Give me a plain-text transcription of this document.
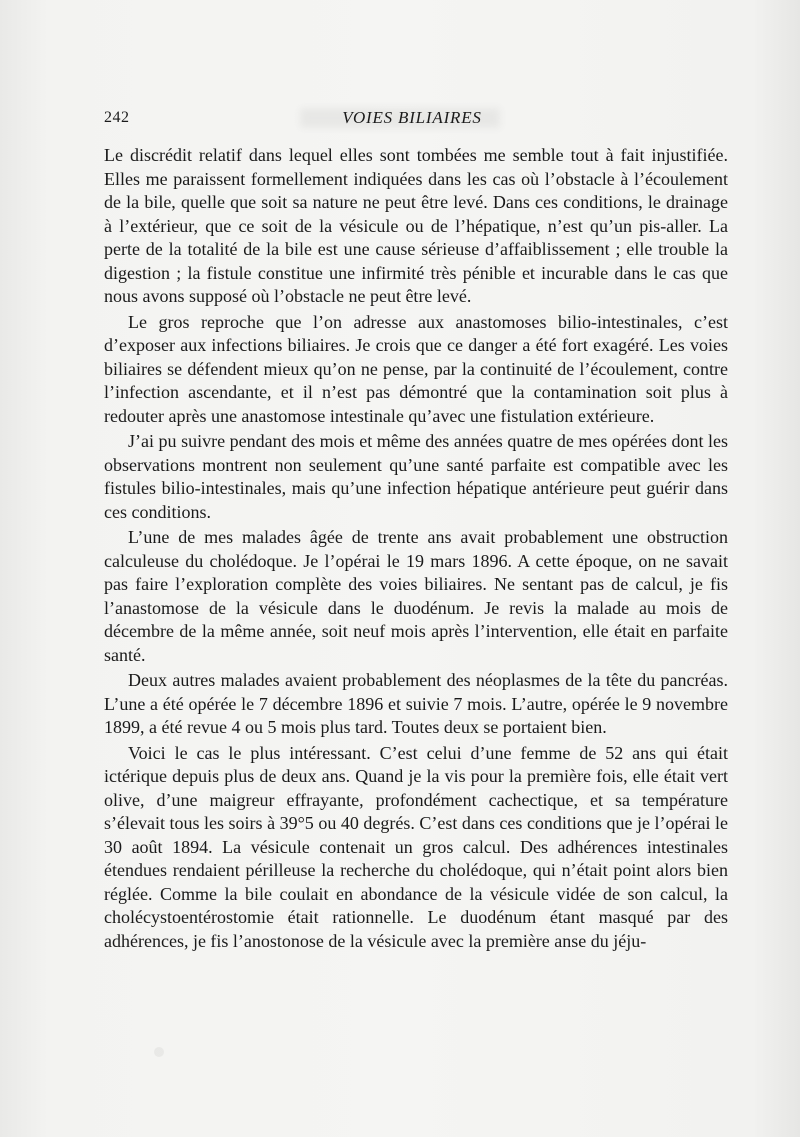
242	VOIES BILIAIRES

Le discrédit relatif dans lequel elles sont tombées me semble tout à fait injustifiée. Elles me paraissent formellement indiquées dans les cas où l’obstacle à l’écoulement de la bile, quelle que soit sa nature ne peut être levé. Dans ces conditions, le drainage à l’extérieur, que ce soit de la vésicule ou de l’hépatique, n’est qu’un pis-aller. La perte de la totalité de la bile est une cause sérieuse d’affaiblissement ; elle trouble la digestion ; la fistule constitue une infirmité très pénible et incurable dans le cas que nous avons supposé où l’obstacle ne peut être levé.

Le gros reproche que l’on adresse aux anastomoses bilio-intestinales, c’est d’exposer aux infections biliaires. Je crois que ce danger a été fort exagéré. Les voies biliaires se défendent mieux qu’on ne pense, par la continuité de l’écoulement, contre l’infection ascendante, et il n’est pas démontré que la contamination soit plus à redouter après une anastomose intestinale qu’avec une fistulation extérieure.

J’ai pu suivre pendant des mois et même des années quatre de mes opérées dont les observations montrent non seulement qu’une santé parfaite est compatible avec les fistules bilio-intestinales, mais qu’une infection hépatique antérieure peut guérir dans ces conditions.

L’une de mes malades âgée de trente ans avait probablement une obstruction calculeuse du cholédoque. Je l’opérai le 19 mars 1896. A cette époque, on ne savait pas faire l’exploration complète des voies biliaires. Ne sentant pas de calcul, je fis l’anastomose de la vésicule dans le duodénum. Je revis la malade au mois de décembre de la même année, soit neuf mois après l’intervention, elle était en parfaite santé.

Deux autres malades avaient probablement des néoplasmes de la tête du pancréas. L’une a été opérée le 7 décembre 1896 et suivie 7 mois. L’autre, opérée le 9 novembre 1899, a été revue 4 ou 5 mois plus tard. Toutes deux se portaient bien.

Voici le cas le plus intéressant. C’est celui d’une femme de 52 ans qui était ictérique depuis plus de deux ans. Quand je la vis pour la première fois, elle était vert olive, d’une maigreur effrayante, profondément cachectique, et sa température s’élevait tous les soirs à 39°5 ou 40 degrés. C’est dans ces conditions que je l’opérai le 30 août 1894. La vésicule contenait un gros calcul. Des adhérences intestinales étendues rendaient périlleuse la recherche du cholédoque, qui n’était point alors bien réglée. Comme la bile coulait en abondance de la vésicule vidée de son calcul, la cholécystoentérostomie était rationnelle. Le duodénum étant masqué par des adhérences, je fis l’anostonose de la vésicule avec la première anse du jéju-
